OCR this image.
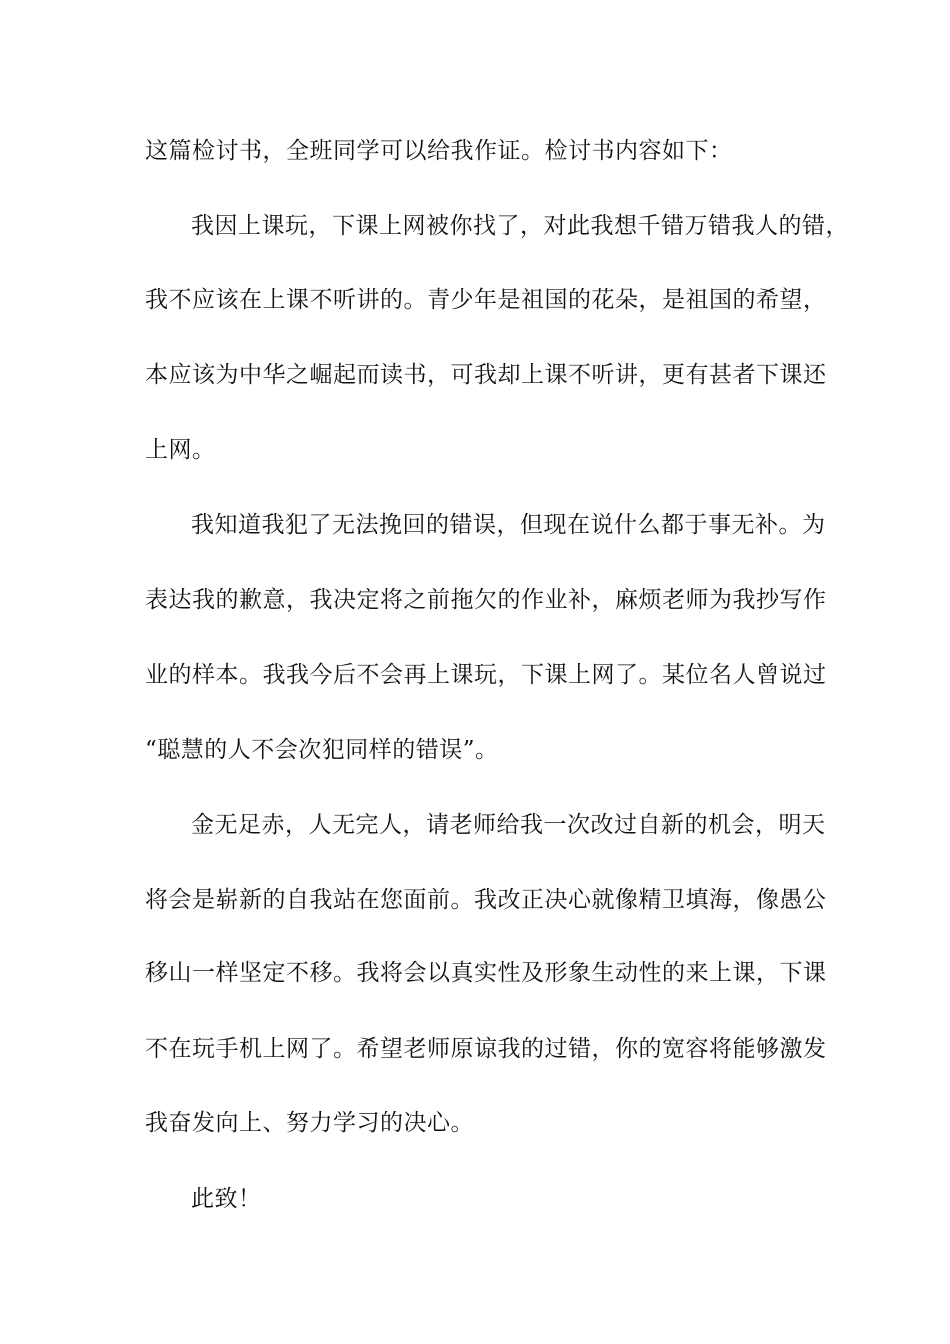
这篇检讨书，全班同学可以给我作证。检讨书内容如下：
我因上课玩，下课上网被你找了，对此我想千错万错我人的错，
我不应该在上课不听讲的。青少年是祖国的花朵，是祖国的希望，
本应该为中华之崛起而读书，可我却上课不听讲，更有甚者下课还
上网。
我知道我犯了无法挽回的错误，但现在说什么都于事无补。为
表达我的歉意，我决定将之前拖欠的作业补，麻烦老师为我抄写作
业的样本。我我今后不会再上课玩，下课上网了。某位名人曾说过
“聪慧的人不会次犯同样的错误”。
金无足赤，人无完人，请老师给我一次改过自新的机会，明天
将会是崭新的自我站在您面前。我改正决心就像精卫填海，像愚公
移山一样坚定不移。我将会以真实性及形象生动性的来上课，下课
不在玩手机上网了。希望老师原谅我的过错，你的宽容将能够激发
我奋发向上、努力学习的决心。
此致！
